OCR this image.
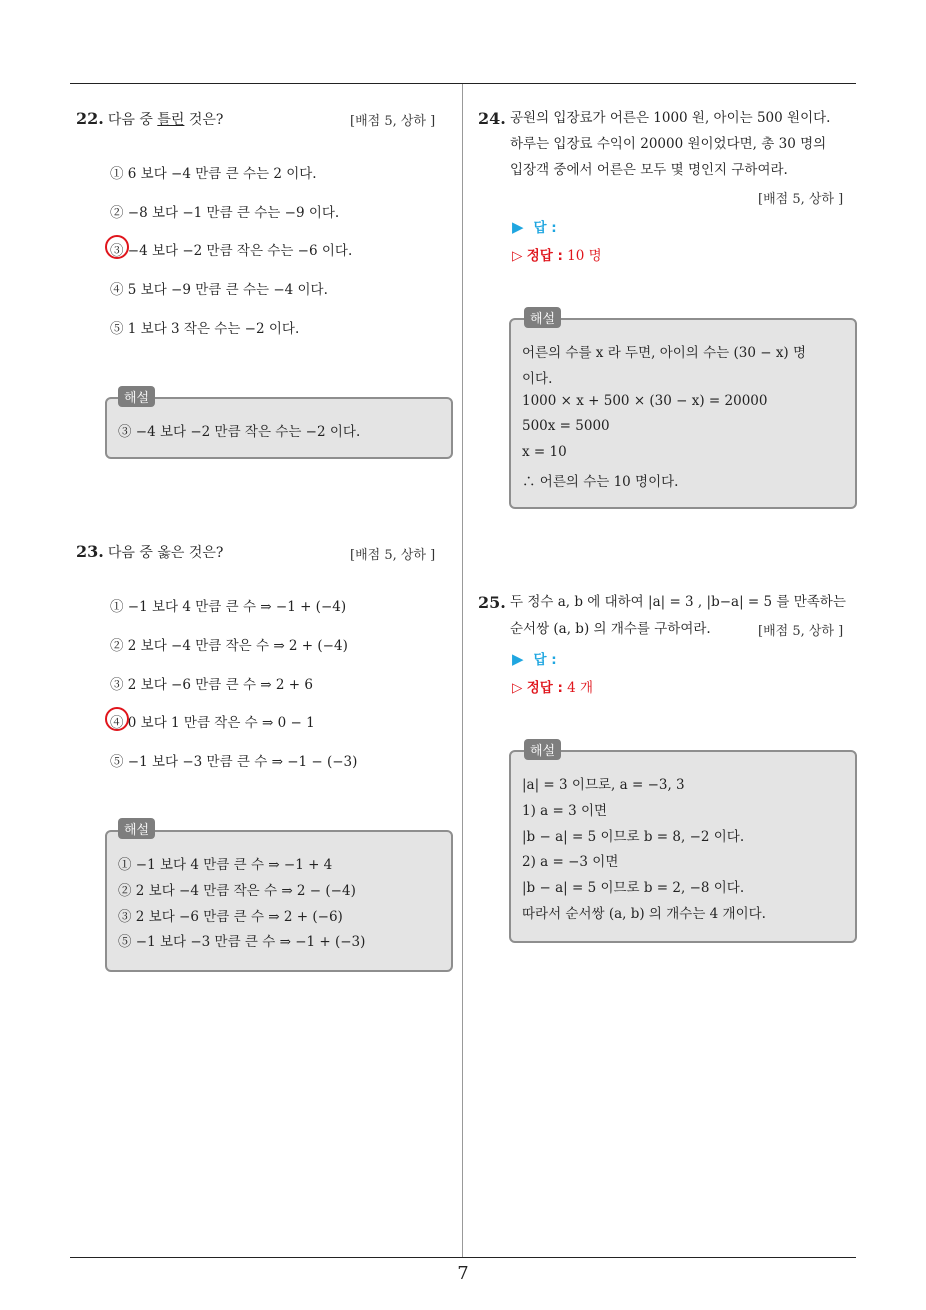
22. 다음 중 틀린 것은?	[배점 5, 상하 ]
① 6 보다 −4 만큼 큰 수는 2 이다.
② −8 보다 −1 만큼 큰 수는 −9 이다.
③ −4 보다 −2 만큼 작은 수는 −6 이다.
④ 5 보다 −9 만큼 큰 수는 −4 이다.
⑤ 1 보다 3 작은 수는 −2 이다.
해설
③ −4 보다 −2 만큼 작은 수는 −2 이다.
23. 다음 중 옳은 것은?	[배점 5, 상하 ]
① −1 보다 4 만큼 큰 수 ⇒ −1 + (−4)
② 2 보다 −4 만큼 작은 수 ⇒ 2 + (−4)
③ 2 보다 −6 만큼 큰 수 ⇒ 2 + 6
④ 0 보다 1 만큼 작은 수 ⇒ 0 − 1
⑤ −1 보다 −3 만큼 큰 수 ⇒ −1 − (−3)
해설
① −1 보다 4 만큼 큰 수 ⇒ −1 + 4
② 2 보다 −4 만큼 작은 수 ⇒ 2 − (−4)
③ 2 보다 −6 만큼 큰 수 ⇒ 2 + (−6)
⑤ −1 보다 −3 만큼 큰 수 ⇒ −1 + (−3)
24. 공원의 입장료가 어른은 1000 원, 아이는 500 원이다.
하루는 입장료 수익이 20000 원이었다면, 총 30 명의
입장객 중에서 어른은 모두 몇 명인지 구하여라.
[배점 5, 상하 ]
▶ 답 :
▷ 정답 : 10 명
해설
어른의 수를 x 라 두면, 아이의 수는 (30 − x) 명
이다.
1000 × x + 500 × (30 − x) = 20000
500x = 5000
x = 10
∴ 어른의 수는 10 명이다.
25. 두 정수 a, b 에 대하여 |a| = 3 , |b−a| = 5 를 만족하는
순서쌍 (a, b) 의 개수를 구하여라.	[배점 5, 상하 ]
▶ 답 :
▷ 정답 : 4 개
해설
|a| = 3 이므로, a = −3, 3
1) a = 3 이면
|b − a| = 5 이므로 b = 8, −2 이다.
2) a = −3 이면
|b − a| = 5 이므로 b = 2, −8 이다.
따라서 순서쌍 (a, b) 의 개수는 4 개이다.
7
